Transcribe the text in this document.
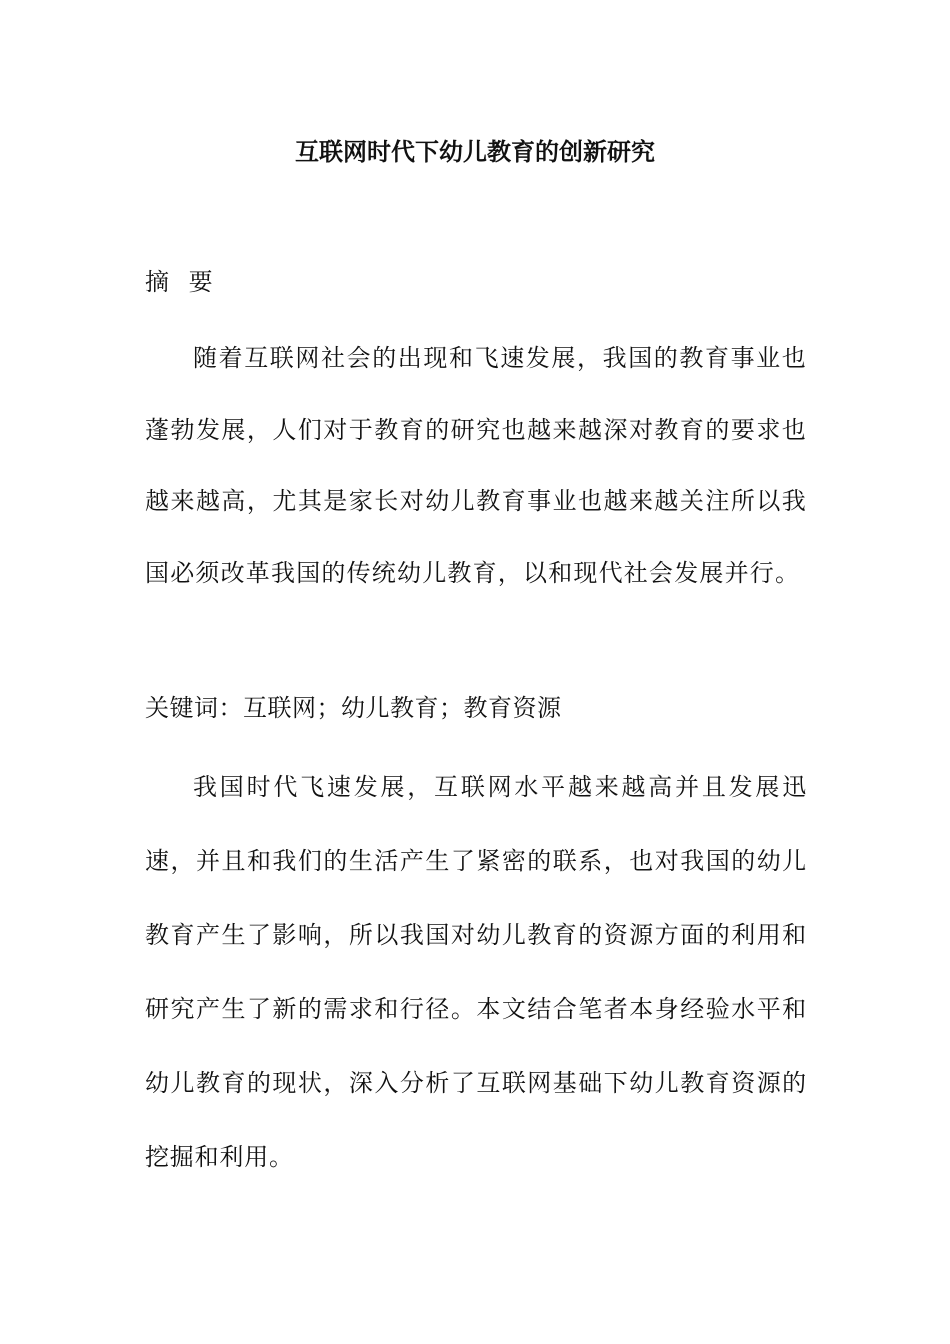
互联网时代下幼儿教育的创新研究
摘 要

随着互联网社会的出现和飞速发展，我国的教育事业也蓬勃发展，人们对于教育的研究也越来越深对教育的要求也越来越高，尤其是家长对幼儿教育事业也越来越关注所以我国必须改革我国的传统幼儿教育，以和现代社会发展并行。

关键词：互联网；幼儿教育；教育资源

我国时代飞速发展，互联网水平越来越高并且发展迅速，并且和我们的生活产生了紧密的联系，也对我国的幼儿教育产生了影响，所以我国对幼儿教育的资源方面的利用和研究产生了新的需求和行径。本文结合笔者本身经验水平和幼儿教育的现状，深入分析了互联网基础下幼儿教育资源的挖掘和利用。
